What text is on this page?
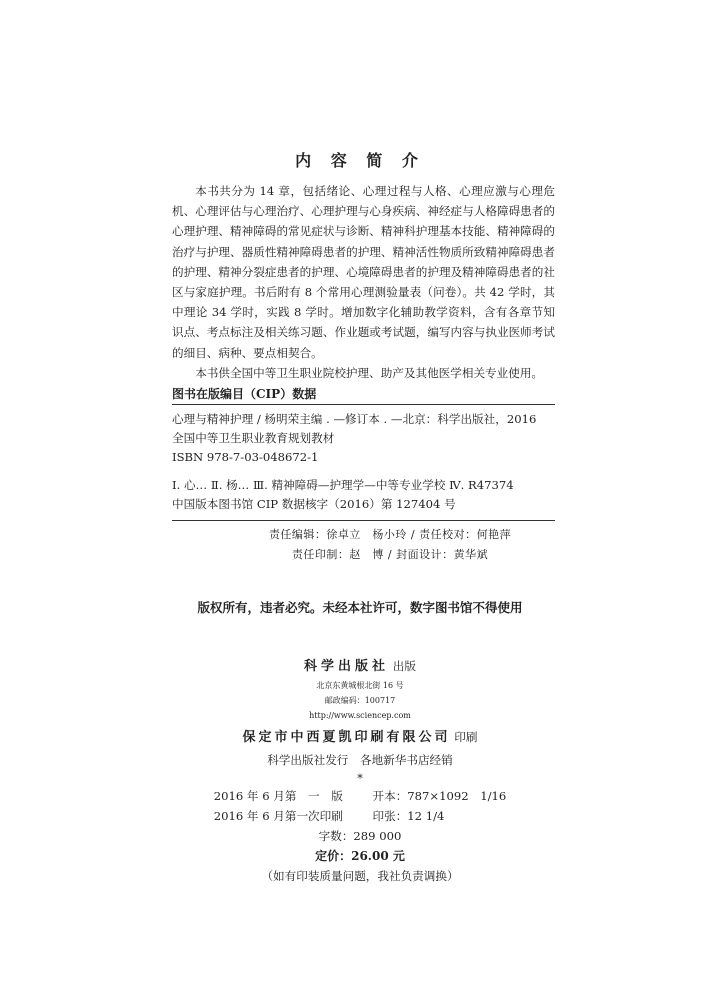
内 容 简 介

本书共分为 14 章，包括绪论、心理过程与人格、心理应激与心理危机、心理评估与心理治疗、心理护理与心身疾病、神经症与人格障碍患者的心理护理、精神障碍的常见症状与诊断、精神科护理基本技能、精神障碍的治疗与护理、器质性精神障碍患者的护理、精神活性物质所致精神障碍患者的护理、精神分裂症患者的护理、心境障碍患者的护理及精神障碍患者的社区与家庭护理。书后附有 8 个常用心理测验量表（问卷）。共 42 学时，其中理论 34 学时，实践 8 学时。增加数字化辅助教学资料，含有各章节知识点、考点标注及相关练习题、作业题或考试题，编写内容与执业医师考试的细目、病种、要点相契合。

本书供全国中等卫生职业院校护理、助产及其他医学相关专业使用。

图书在版编目（CIP）数据
心理与精神护理 / 杨明荣主编 . —修订本 . —北京：科学出版社，2016
全国中等卫生职业教育规划教材
ISBN 978-7-03-048672-1
Ⅰ. 心… Ⅱ. 杨… Ⅲ. 精神障碍—护理学—中等专业学校 Ⅳ. R47374
中国版本图书馆 CIP 数据核字（2016）第 127404 号
责任编辑：徐卓立　杨小玲 / 责任校对：何艳萍
责任印制：赵　博 / 封面设计：黄华斌
版权所有，违者必究。未经本社许可，数字图书馆不得使用
科学出版社 出版
北京东黄城根北街 16 号
邮政编码：100717
http://www.sciencep.com
保定市中西夏凯印刷有限公司 印刷
科学出版社发行　各地新华书店经销
*
2016 年 6 月第　一　版	开本：787×1092　1/16
2016 年 6 月第一次印刷	印张：12 1/4
字数：289 000
定价：26.00 元
（如有印装质量问题，我社负责调换）
